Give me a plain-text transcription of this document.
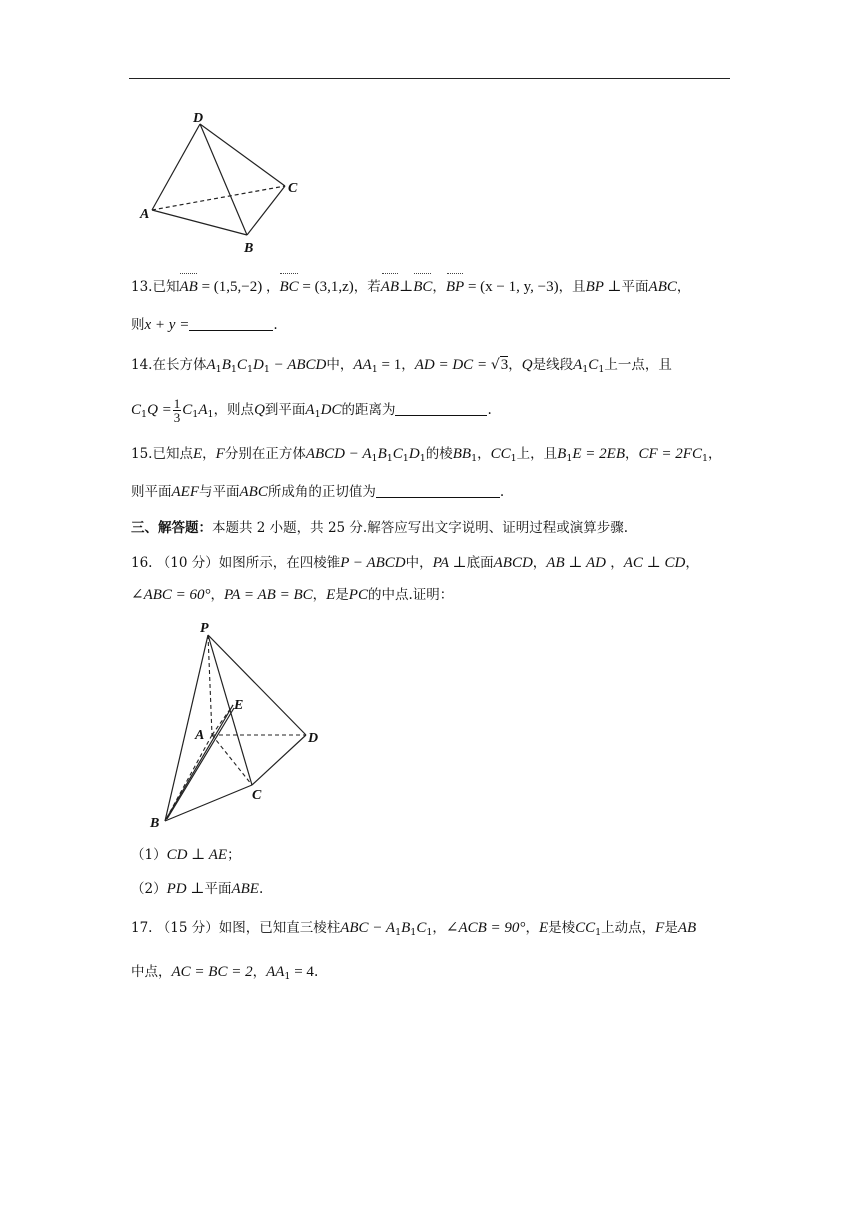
D
A
C
B
13.已知AB = (1,5,−2) ，BC = (3,1,z)，若AB⊥BC，BP = (x − 1, y, −3)，且BP ⊥平面ABC，
则x + y =	.
14.在长方体$A_1B_1C_1D_1$ − ABCD中，$AA_1 = 1$，AD = DC = √3，Q是线段$A_1C_1$上一点，且
$C_1Q = \frac{1}{3} C_1A_1$，则点Q到平面$A_1DC$的距离为	.
15.已知点E，F分别在正方体ABCD − $A_1B_1C_1D_1$的棱$BB_1$，$CC_1$上，且$B_1E = 2EB$，CF = $2FC_1$，
则平面AEF与平面ABC所成角的正切值为	.
三、解答题：本题共 2 小题，共 25 分.解答应写出文字说明、证明过程或演算步骤.
16. （10 分）如图所示，在四棱锥P − ABCD中，PA ⊥底面ABCD，AB ⊥ AD ，AC ⊥ CD，
∠ABC = 60°，PA = AB = BC，E是PC的中点.证明：
P
E
A	D
C
B
（1）CD ⊥ AE；
（2）PD ⊥平面ABE.
17. （15 分）如图，已知直三棱柱ABC − $A_1B_1C_1$，∠ACB = 90°，E是棱$CC_1$上动点，F是AB
中点，AC = BC = 2，$AA_1 = 4$.
